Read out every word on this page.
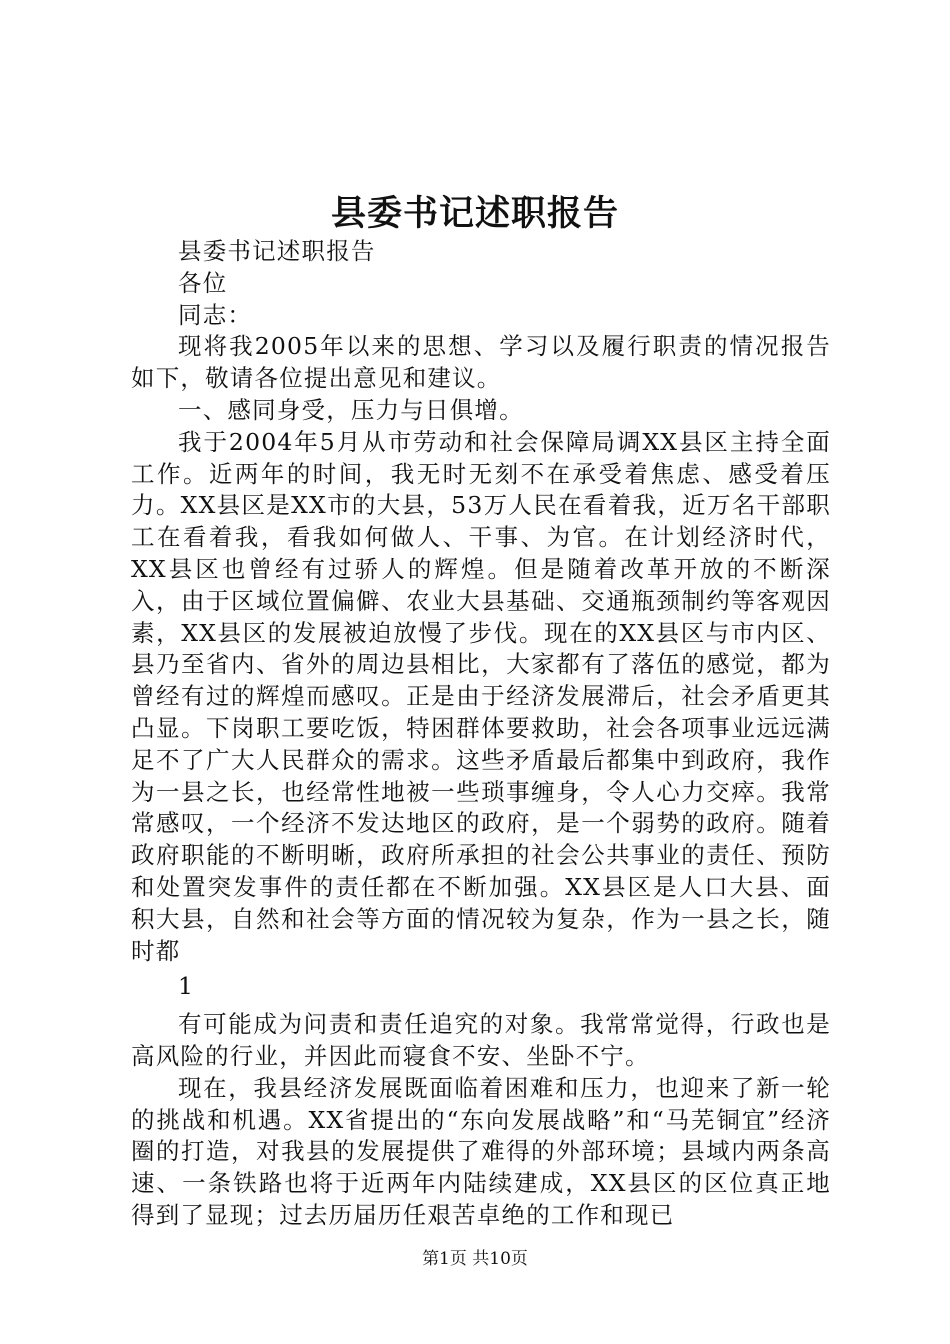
县委书记述职报告

县委书记述职报告

各位

同志：

现将我2005年以来的思想、学习以及履行职责的情况报告如下，敬请各位提出意见和建议。

一、感同身受，压力与日俱增。

我于2004年5月从市劳动和社会保障局调XX县区主持全面工作。近两年的时间，我无时无刻不在承受着焦虑、感受着压力。XX县区是XX市的大县，53万人民在看着我，近万名干部职工在看着我，看我如何做人、干事、为官。在计划经济时代，XX县区也曾经有过骄人的辉煌。但是随着改革开放的不断深入，由于区域位置偏僻、农业大县基础、交通瓶颈制约等客观因素，XX县区的发展被迫放慢了步伐。现在的XX县区与市内区、县乃至省内、省外的周边县相比，大家都有了落伍的感觉，都为曾经有过的辉煌而感叹。正是由于经济发展滞后，社会矛盾更其凸显。下岗职工要吃饭，特困群体要救助，社会各项事业远远满足不了广大人民群众的需求。这些矛盾最后都集中到政府，我作为一县之长，也经常性地被一些琐事缠身，令人心力交瘁。我常常感叹，一个经济不发达地区的政府，是一个弱势的政府。随着政府职能的不断明晰，政府所承担的社会公共事业的责任、预防和处置突发事件的责任都在不断加强。XX县区是人口大县、面积大县，自然和社会等方面的情况较为复杂，作为一县之长，随时都

1

有可能成为问责和责任追究的对象。我常常觉得，行政也是高风险的行业，并因此而寝食不安、坐卧不宁。

现在，我县经济发展既面临着困难和压力，也迎来了新一轮的挑战和机遇。XX省提出的“东向发展战略”和“马芜铜宜”经济圈的打造，对我县的发展提供了难得的外部环境；县域内两条高速、一条铁路也将于近两年内陆续建成，XX县区的区位真正地得到了显现；过去历届历任艰苦卓绝的工作和现已

第1页 共10页
